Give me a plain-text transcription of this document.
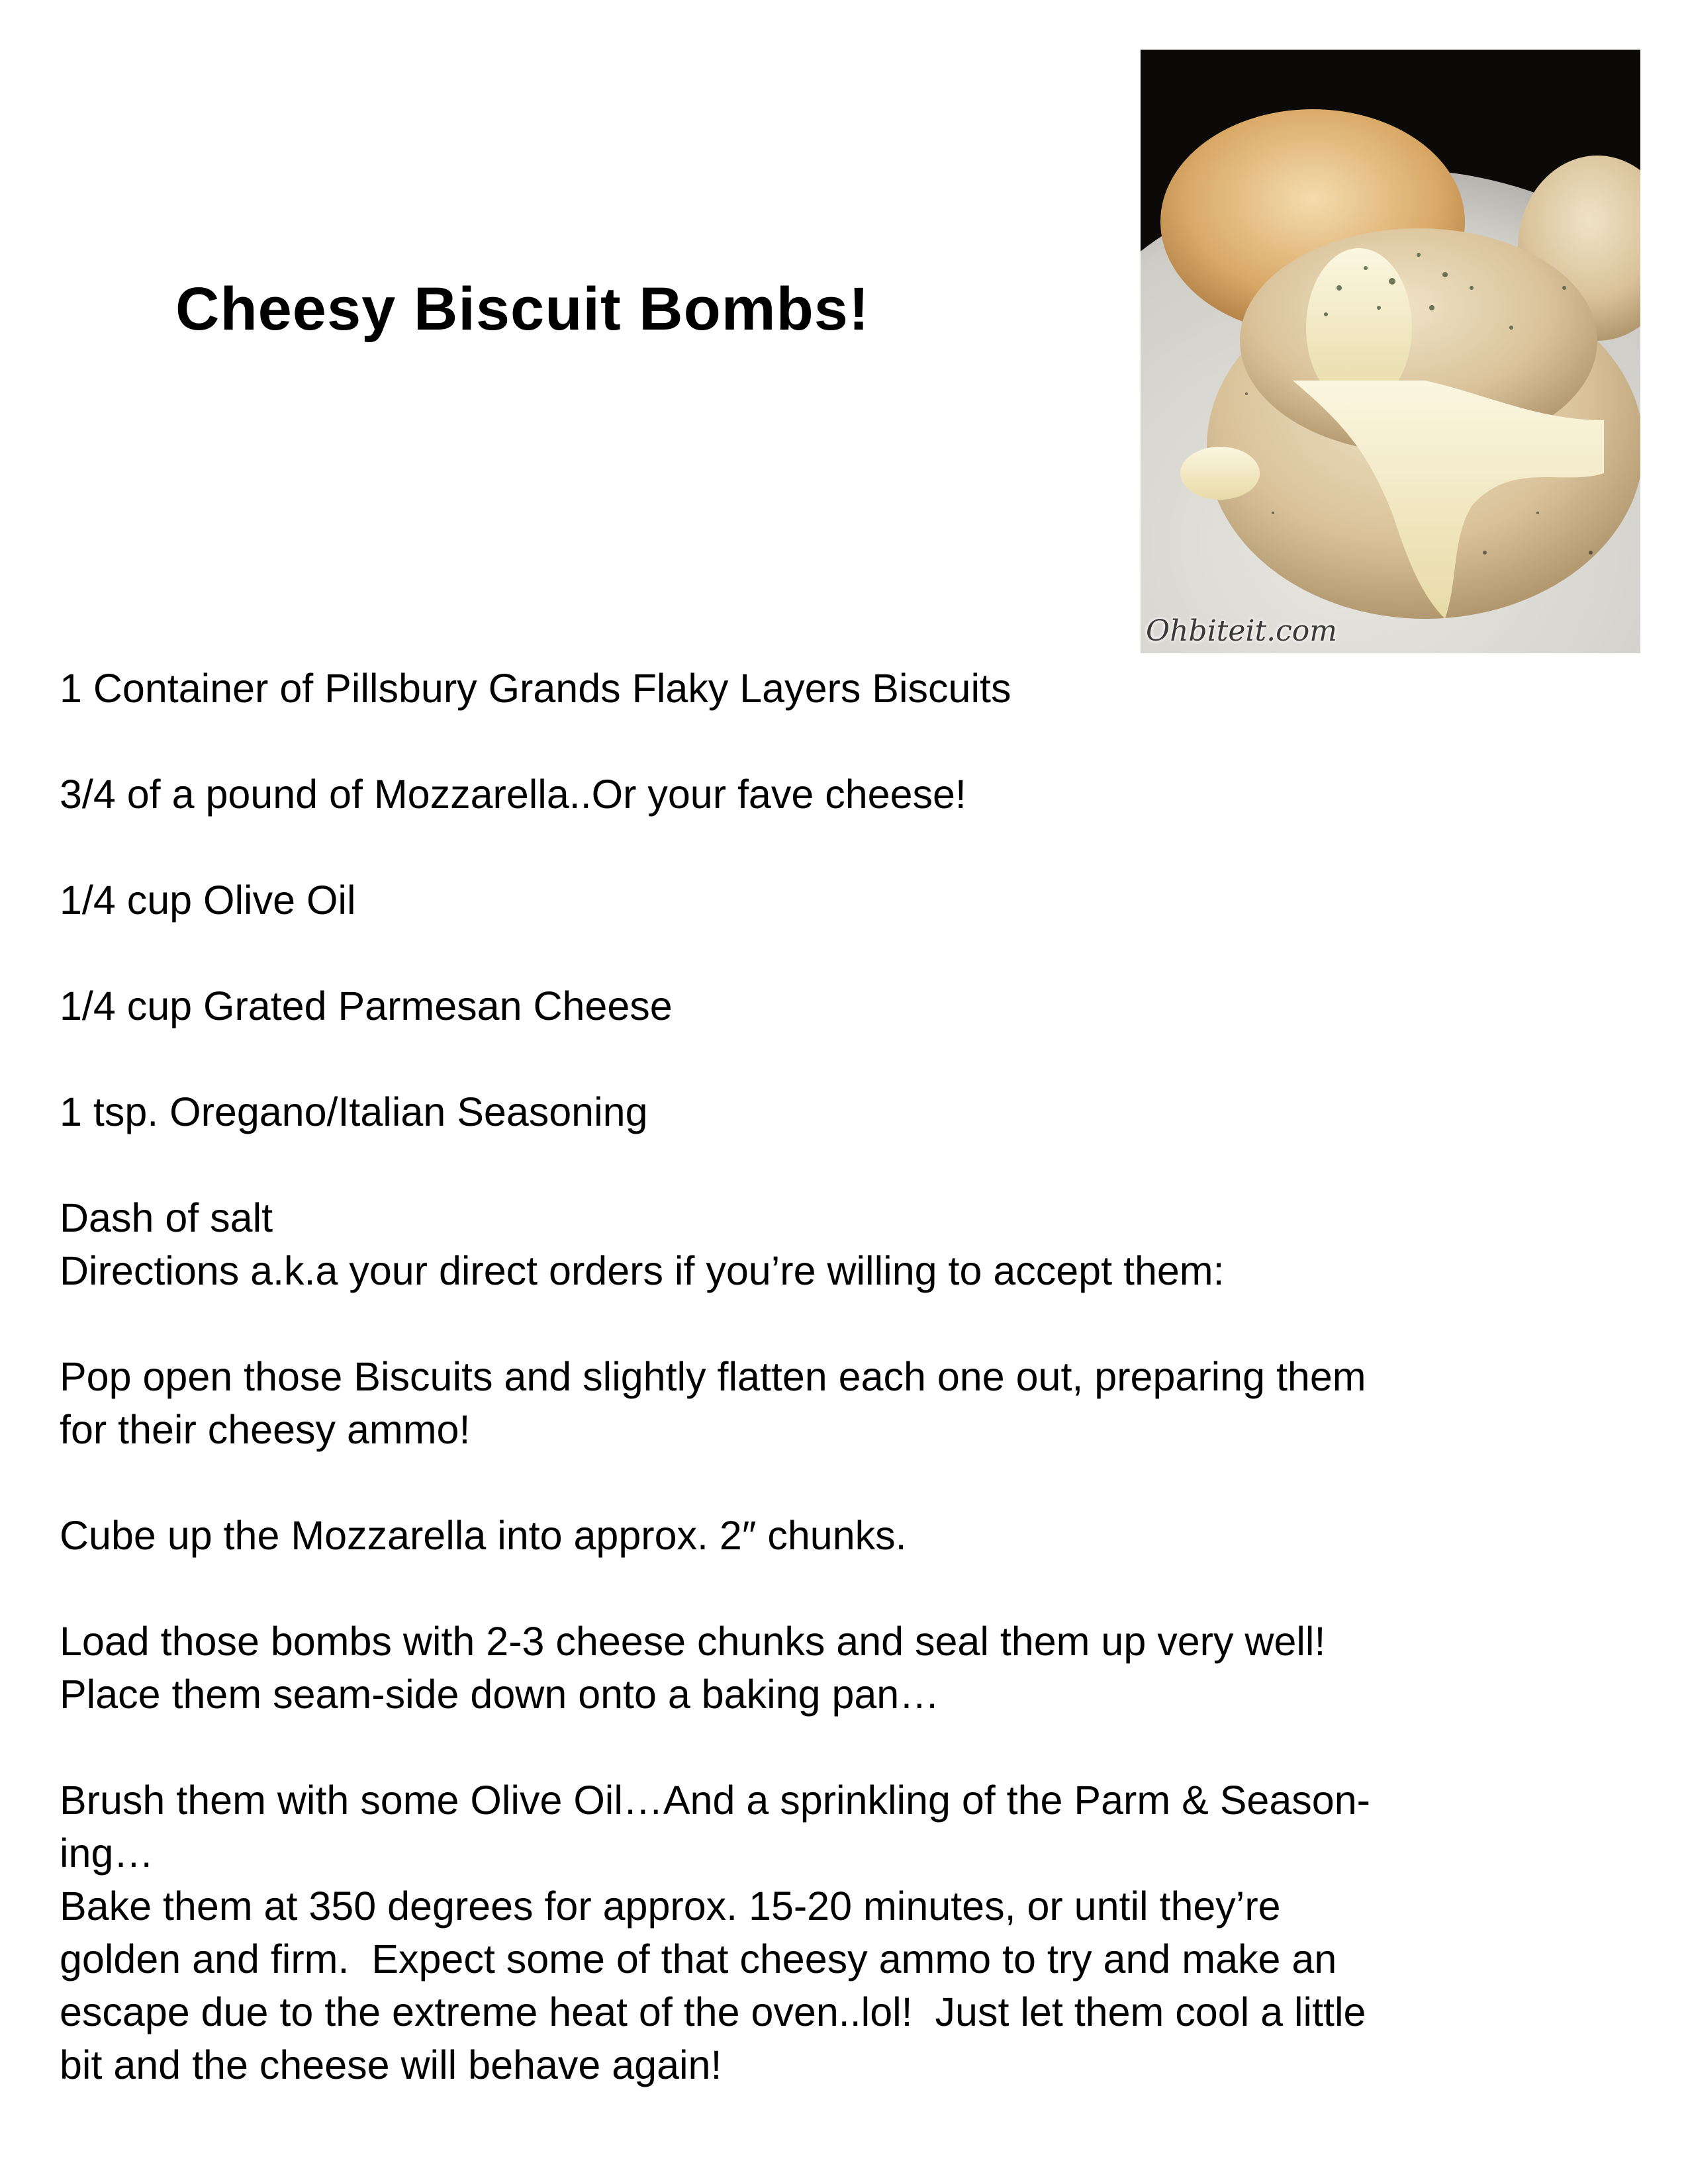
Cheesy Biscuit Bombs!
Ohbiteit.com
1 Container of Pillsbury Grands Flaky Layers Biscuits

3/4 of a pound of Mozzarella..Or your fave cheese!

1/4 cup Olive Oil

1/4 cup Grated Parmesan Cheese

1 tsp. Oregano/Italian Seasoning

Dash of salt
Directions a.k.a your direct orders if you’re willing to accept them:

Pop open those Biscuits and slightly flatten each one out, preparing them
for their cheesy ammo!

Cube up the Mozzarella into approx. 2″ chunks.

Load those bombs with 2-3 cheese chunks and seal them up very well!
Place them seam-side down onto a baking pan…

Brush them with some Olive Oil…And a sprinkling of the Parm & Season-
ing…
Bake them at 350 degrees for approx. 15-20 minutes, or until they’re
golden and firm.  Expect some of that cheesy ammo to try and make an
escape due to the extreme heat of the oven..lol!  Just let them cool a little
bit and the cheese will behave again!
